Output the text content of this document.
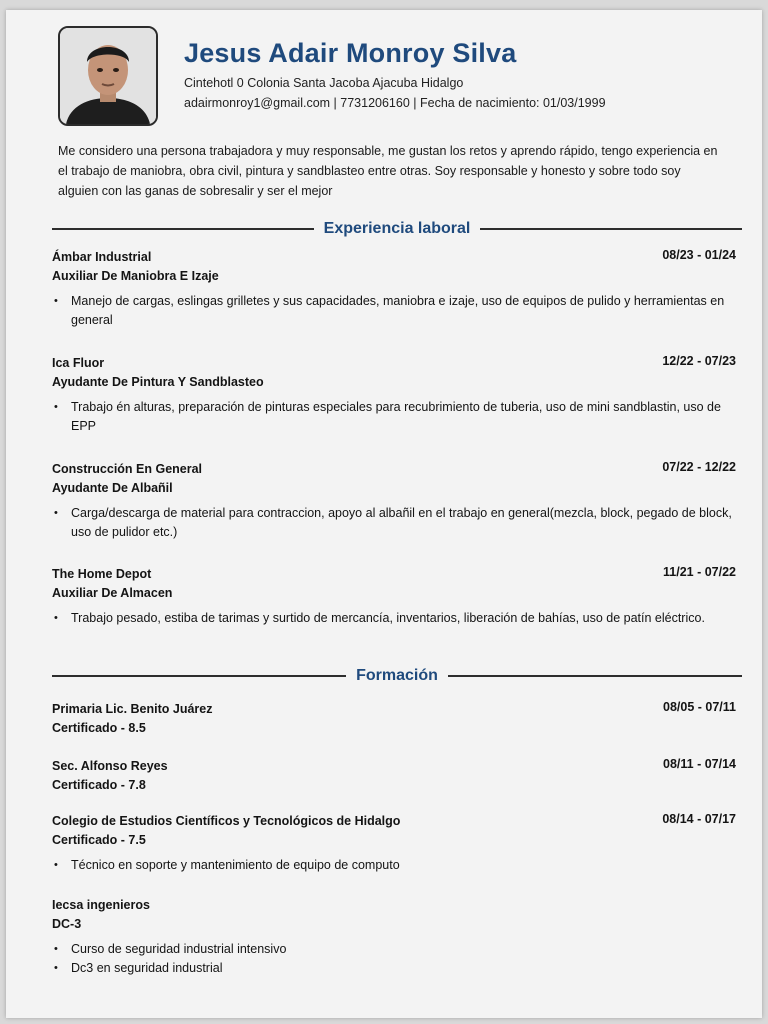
Jesus Adair Monroy Silva
Cintehotl 0 Colonia Santa Jacoba Ajacuba Hidalgo
adairmonroy1@gmail.com | 7731206160 | Fecha de nacimiento: 01/03/1999
Me considero una persona trabajadora y muy responsable, me gustan los retos y aprendo rápido, tengo experiencia en el trabajo de maniobra, obra civil, pintura y sandblasteo entre otras. Soy responsable y honesto y sobre todo soy alguien con las ganas de sobresalir y ser el mejor
Experiencia laboral
Ámbar Industrial
Auxiliar De Maniobra E Izaje
08/23 - 01/24
• Manejo de cargas, eslingas grilletes y sus capacidades, maniobra e izaje, uso de equipos de pulido y herramientas en general
Ica Fluor
Ayudante De Pintura Y Sandblasteo
12/22 - 07/23
• Trabajo én alturas, preparación de pinturas especiales para recubrimiento de tuberia, uso de mini sandblastin, uso de EPP
Construcción En General
Ayudante De Albañil
07/22 - 12/22
• Carga/descarga de material para contraccion, apoyo al albañil en el trabajo en general(mezcla, block, pegado de block, uso de pulidor etc.)
The Home Depot
Auxiliar De Almacen
11/21 - 07/22
• Trabajo pesado, estiba de tarimas y surtido de mercancía, inventarios, liberación de bahías, uso de patín eléctrico.
Formación
Primaria Lic. Benito Juárez
Certificado - 8.5
08/05 - 07/11
Sec. Alfonso Reyes
Certificado - 7.8
08/11 - 07/14
Colegio de Estudios Científicos y Tecnológicos de Hidalgo
Certificado - 7.5
08/14 - 07/17
• Técnico en soporte y mantenimiento de equipo de computo
Iecsa ingenieros
DC-3
• Curso de seguridad industrial intensivo
• Dc3 en seguridad industrial
